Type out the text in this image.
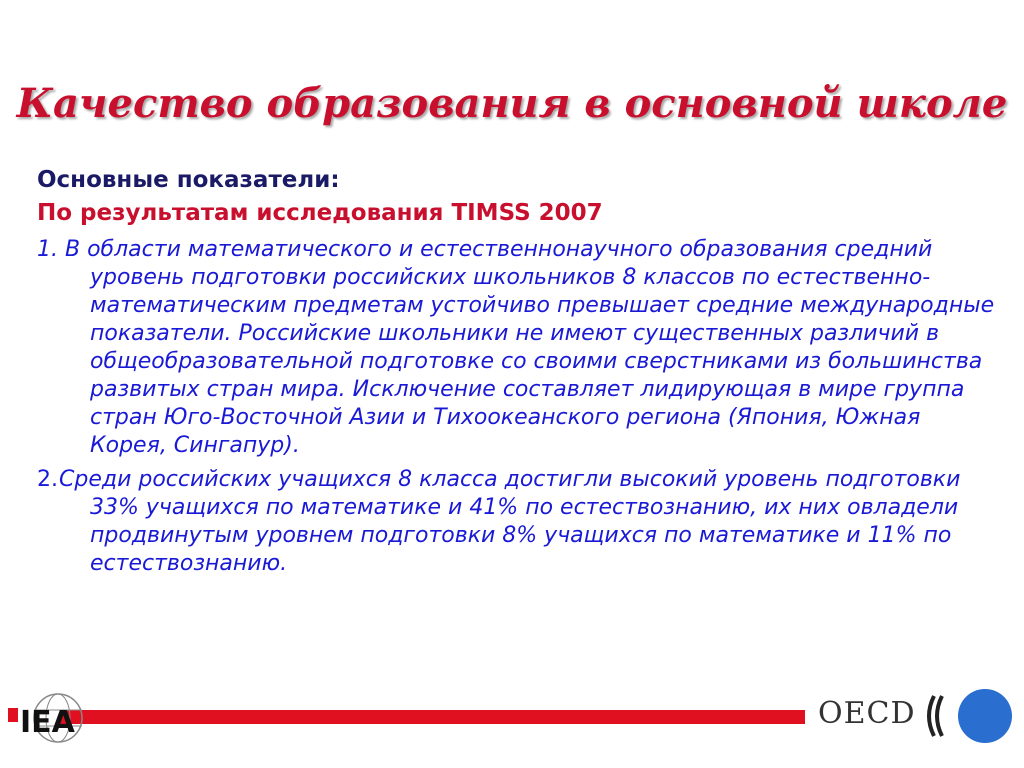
Качество образования в основной школе

Основные показатели:

По результатам исследования TIMSS 2007

1. В области математического и естественнонаучного образования средний уровень подготовки российских школьников 8 классов по естественно-математическим предметам устойчиво превышает средние международные показатели. Российские школьники не имеют существенных различий в общеобразовательной подготовке со своими сверстниками из большинства развитых стран мира. Исключение составляет лидирующая в мире группа стран Юго-Восточной Азии и Тихоокеанского региона (Япония, Южная Корея, Сингапур).

2.Среди российских учащихся 8 класса достигли высокий уровень подготовки 33% учащихся по математике и 41% по естествознанию, их них овладели продвинутым уровнем подготовки 8% учащихся по математике и 11% по естествознанию.

IEA	OECD
